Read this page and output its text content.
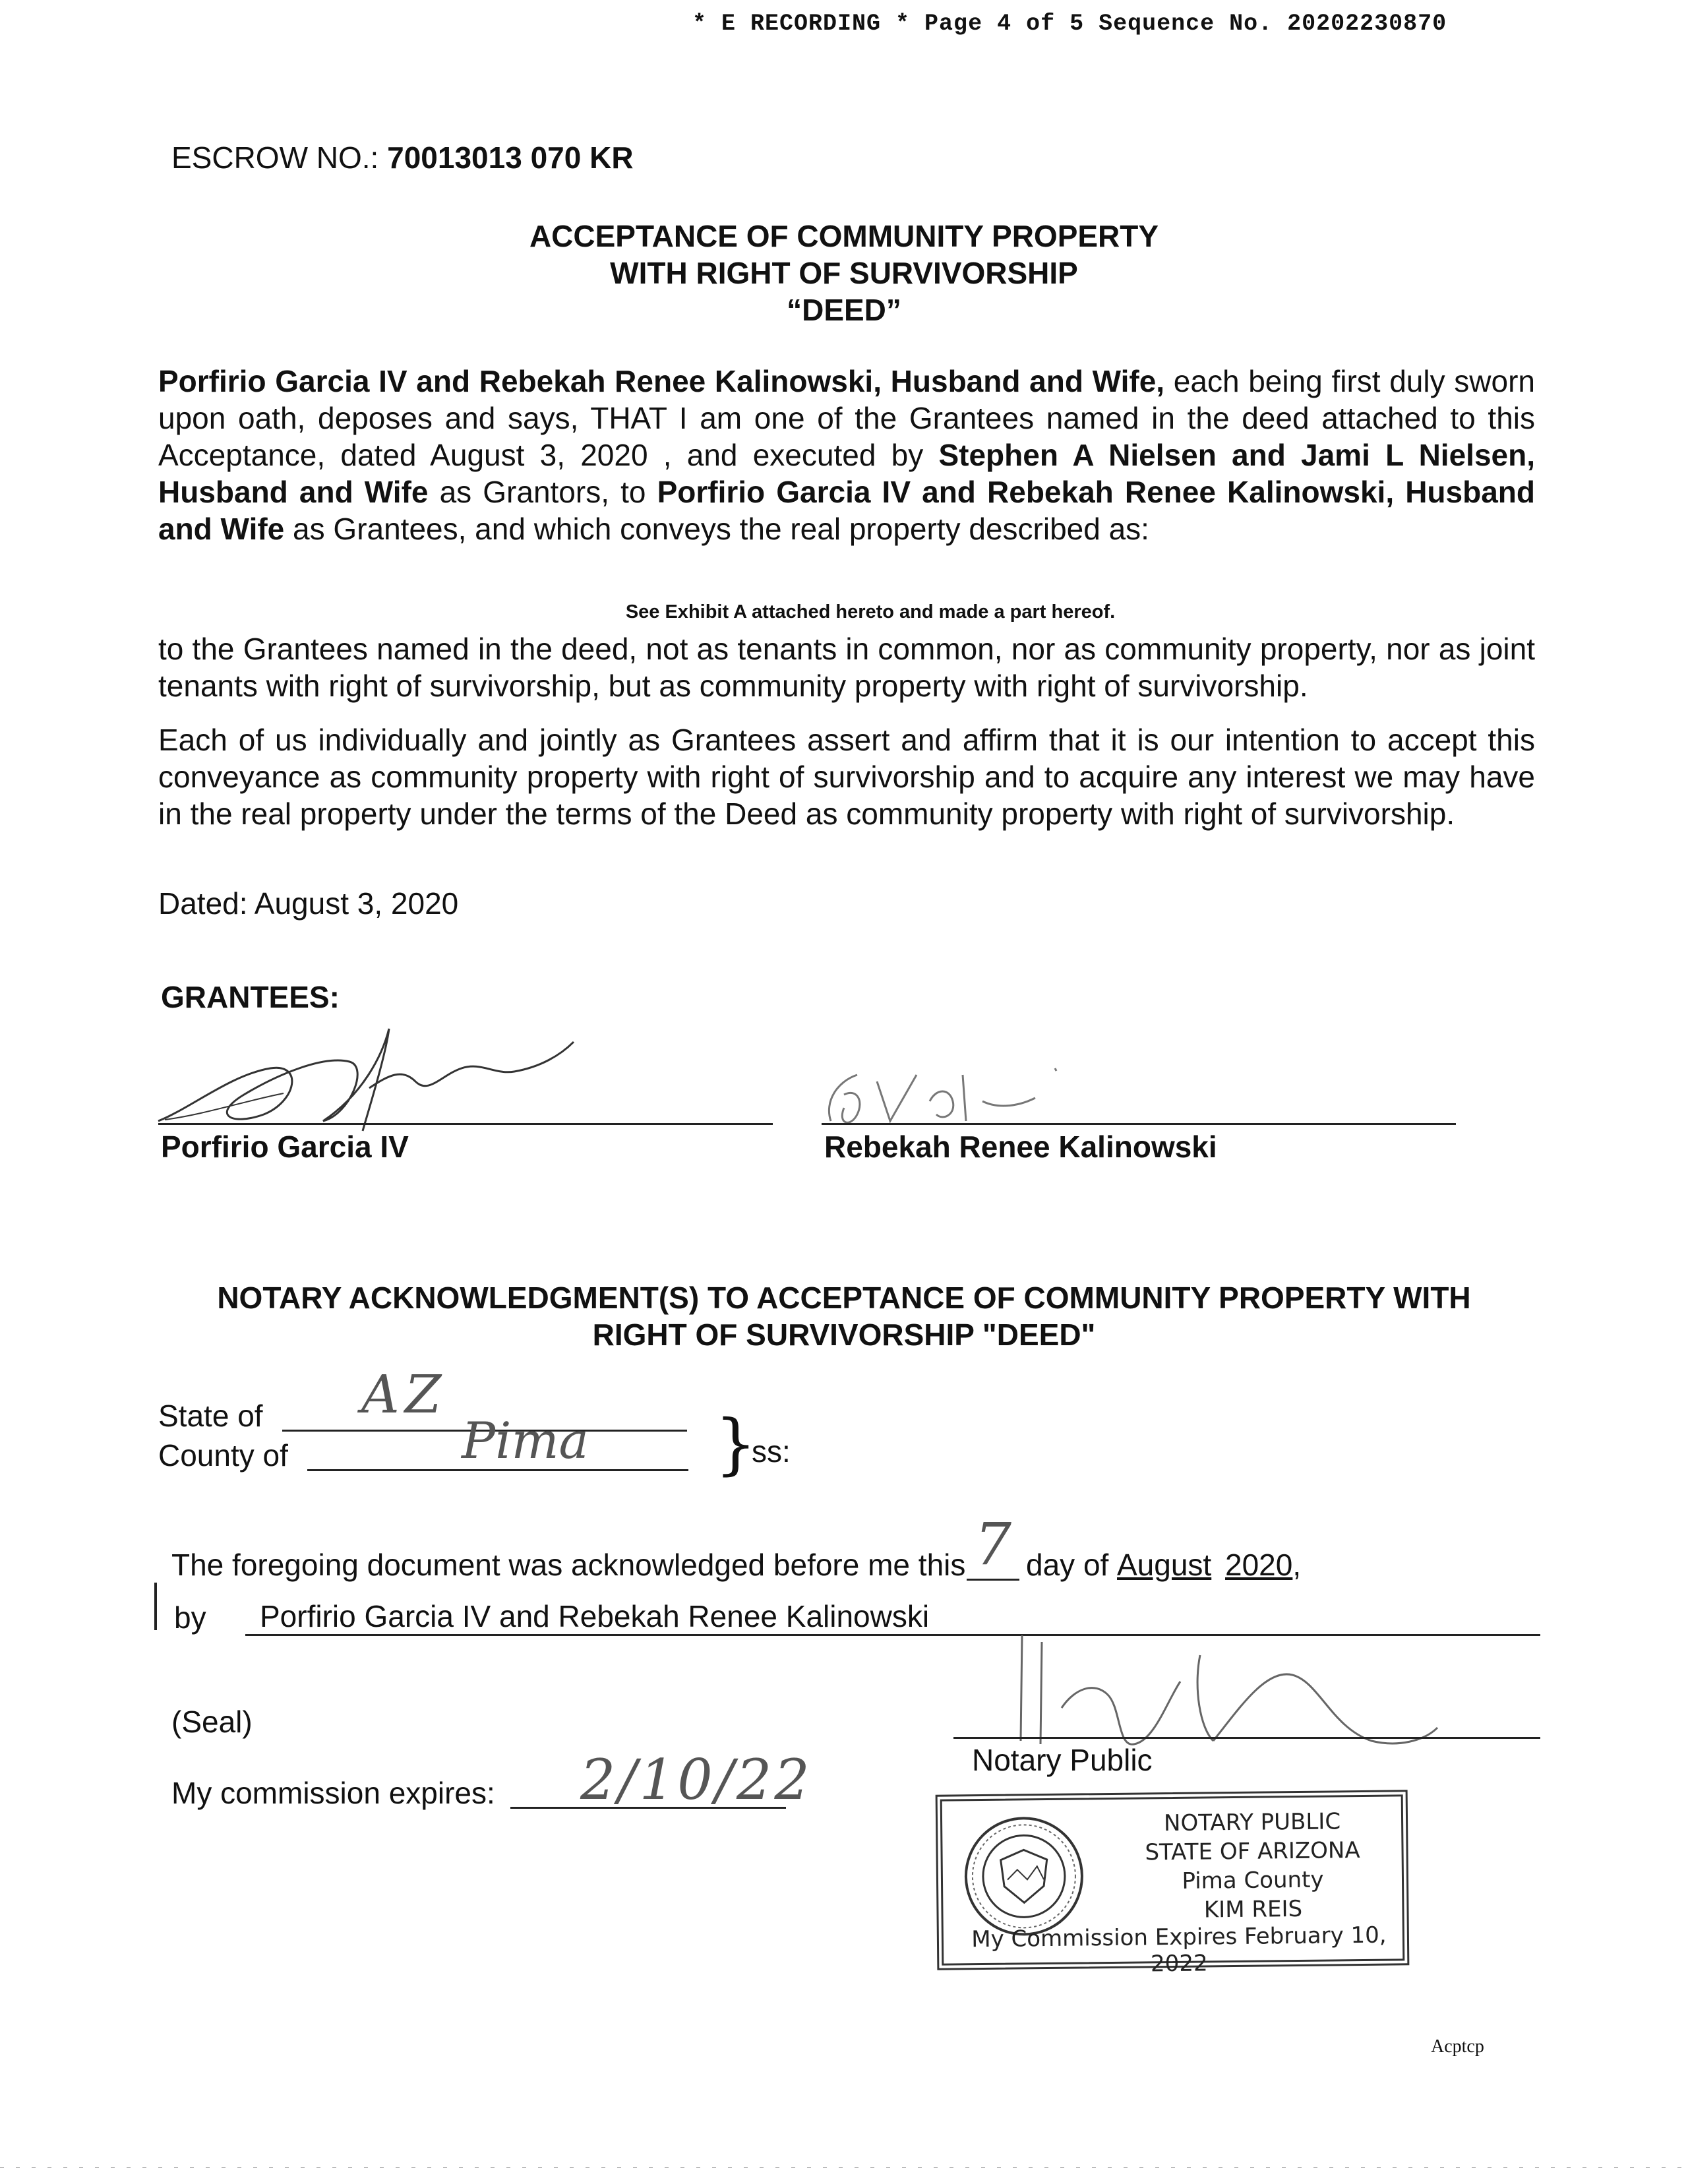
* E RECORDING * Page 4 of 5 Sequence No. 20202230870
ESCROW NO.: 70013013 070 KR
ACCEPTANCE OF COMMUNITY PROPERTY
WITH RIGHT OF SURVIVORSHIP
“DEED”
Porfirio Garcia IV and Rebekah Renee Kalinowski, Husband and Wife, each being first duly sworn upon oath, deposes and says, THAT I am one of the Grantees named in the deed attached to this Acceptance, dated August 3, 2020 , and executed by Stephen A Nielsen and Jami L Nielsen, Husband and Wife as Grantors, to Porfirio Garcia IV and Rebekah Renee Kalinowski, Husband and Wife as Grantees, and which conveys the real property described as:
See Exhibit A attached hereto and made a part hereof.
to the Grantees named in the deed, not as tenants in common, nor as community property, nor as joint tenants with right of survivorship, but as community property with right of survivorship.
Each of us individually and jointly as Grantees assert and affirm that it is our intention to accept this conveyance as community property with right of survivorship and to acquire any interest we may have in the real property under the terms of the Deed as community property with right of survivorship.
Dated: August 3, 2020
GRANTEES:
Porfirio Garcia IV	Rebekah Renee Kalinowski
NOTARY ACKNOWLEDGMENT(S) TO ACCEPTANCE OF COMMUNITY PROPERTY WITH
RIGHT OF SURVIVORSHIP "DEED"
State of AZ
County of	Pima }
ss:
The foregoing document was acknowledged before me this 7 day of August 2020,
by Porfirio Garcia IV and Rebekah Renee Kalinowski
Notary Public
(Seal)
My commission expires: 2/10/22
NOTARY PUBLIC
STATE OF ARIZONA
Pima County
KIM REIS
My Commission Expires February 10, 2022
Acptcp
